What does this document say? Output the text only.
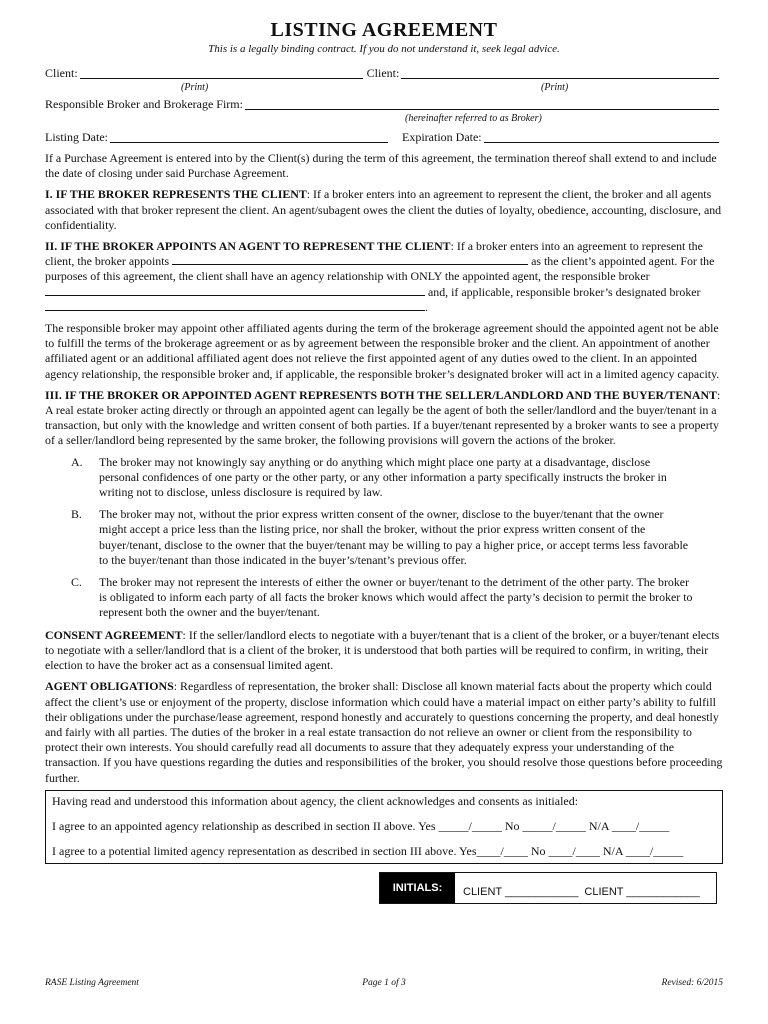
LISTING AGREEMENT
This is a legally binding contract. If you do not understand it, seek legal advice.
Client:	Client:
(Print)	(Print)
Responsible Broker and Brokerage Firm:
(hereinafter referred to as Broker)
Listing Date:	Expiration Date:

If a Purchase Agreement is entered into by the Client(s) during the term of this agreement, the termination thereof shall extend to and include the date of closing under said Purchase Agreement.

I. IF THE BROKER REPRESENTS THE CLIENT: If a broker enters into an agreement to represent the client, the broker and all agents associated with that broker represent the client. An agent/subagent owes the client the duties of loyalty, obedience, accounting, disclosure, and confidentiality.

II. IF THE BROKER APPOINTS AN AGENT TO REPRESENT THE CLIENT: If a broker enters into an agreement to represent the client, the broker appoints	as the client’s appointed agent. For the purposes of this agreement, the client shall have an agency relationship with ONLY the appointed agent, the responsible broker  and, if applicable, responsible broker’s designated broker .

The responsible broker may appoint other affiliated agents during the term of the brokerage agreement should the appointed agent not be able to fulfill the terms of the brokerage agreement or as by agreement between the responsible broker and the client. An appointment of another affiliated agent or an additional affiliated agent does not relieve the first appointed agent of any duties owed to the client. In an appointed agency relationship, the responsible broker and, if applicable, the responsible broker’s designated broker will act in a limited agency capacity.

III. IF THE BROKER OR APPOINTED AGENT REPRESENTS BOTH THE SELLER/LANDLORD AND THE BUYER/TENANT: A real estate broker acting directly or through an appointed agent can legally be the agent of both the seller/landlord and the buyer/tenant in a transaction, but only with the knowledge and written consent of both parties. If a buyer/tenant represented by a broker wants to see a property of a seller/landlord being represented by the same broker, the following provisions will govern the actions of the broker.

A.	The broker may not knowingly say anything or do anything which might place one party at a disadvantage, disclose personal confidences of one party or the other party, or any other information a party specifically instructs the broker in writing not to disclose, unless disclosure is required by law.
B.	The broker may not, without the prior express written consent of the owner, disclose to the buyer/tenant that the owner might accept a price less than the listing price, nor shall the broker, without the prior express written consent of the buyer/tenant, disclose to the owner that the buyer/tenant may be willing to pay a higher price, or accept terms less favorable to the buyer/tenant than those indicated in the buyer’s/tenant’s previous offer.
C.	The broker may not represent the interests of either the owner or buyer/tenant to the detriment of the other party. The broker is obligated to inform each party of all facts the broker knows which would affect the party’s decision to permit the broker to represent both the owner and the buyer/tenant.

CONSENT AGREEMENT: If the seller/landlord elects to negotiate with a buyer/tenant that is a client of the broker, or a buyer/tenant elects to negotiate with a seller/landlord that is a client of the broker, it is understood that both parties will be required to confirm, in writing, their election to have the broker act as a consensual limited agent.

AGENT OBLIGATIONS: Regardless of representation, the broker shall: Disclose all known material facts about the property which could affect the client’s use or enjoyment of the property, disclose information which could have a material impact on either party’s ability to fulfill their obligations under the purchase/lease agreement, respond honestly and accurately to questions concerning the property, and deal honestly and fairly with all parties. The duties of the broker in a real estate transaction do not relieve an owner or client from the responsibility to protect their own interests. You should carefully read all documents to assure that they adequately express your understanding of the transaction. If you have questions regarding the duties and responsibilities of the broker, you should resolve those questions before proceeding further.

Having read and understood this information about agency, the client acknowledges and consents as initialed:
I agree to an appointed agency relationship as described in section II above. Yes _____/_____ No _____/_____ N/A ____/_____
I agree to a potential limited agency representation as described in section III above. Yes____/____ No ____/____ N/A ____/_____
INITIALS:	CLIENT ____________ CLIENT ____________
RASE Listing Agreement	Page 1 of 3	Revised: 6/2015
